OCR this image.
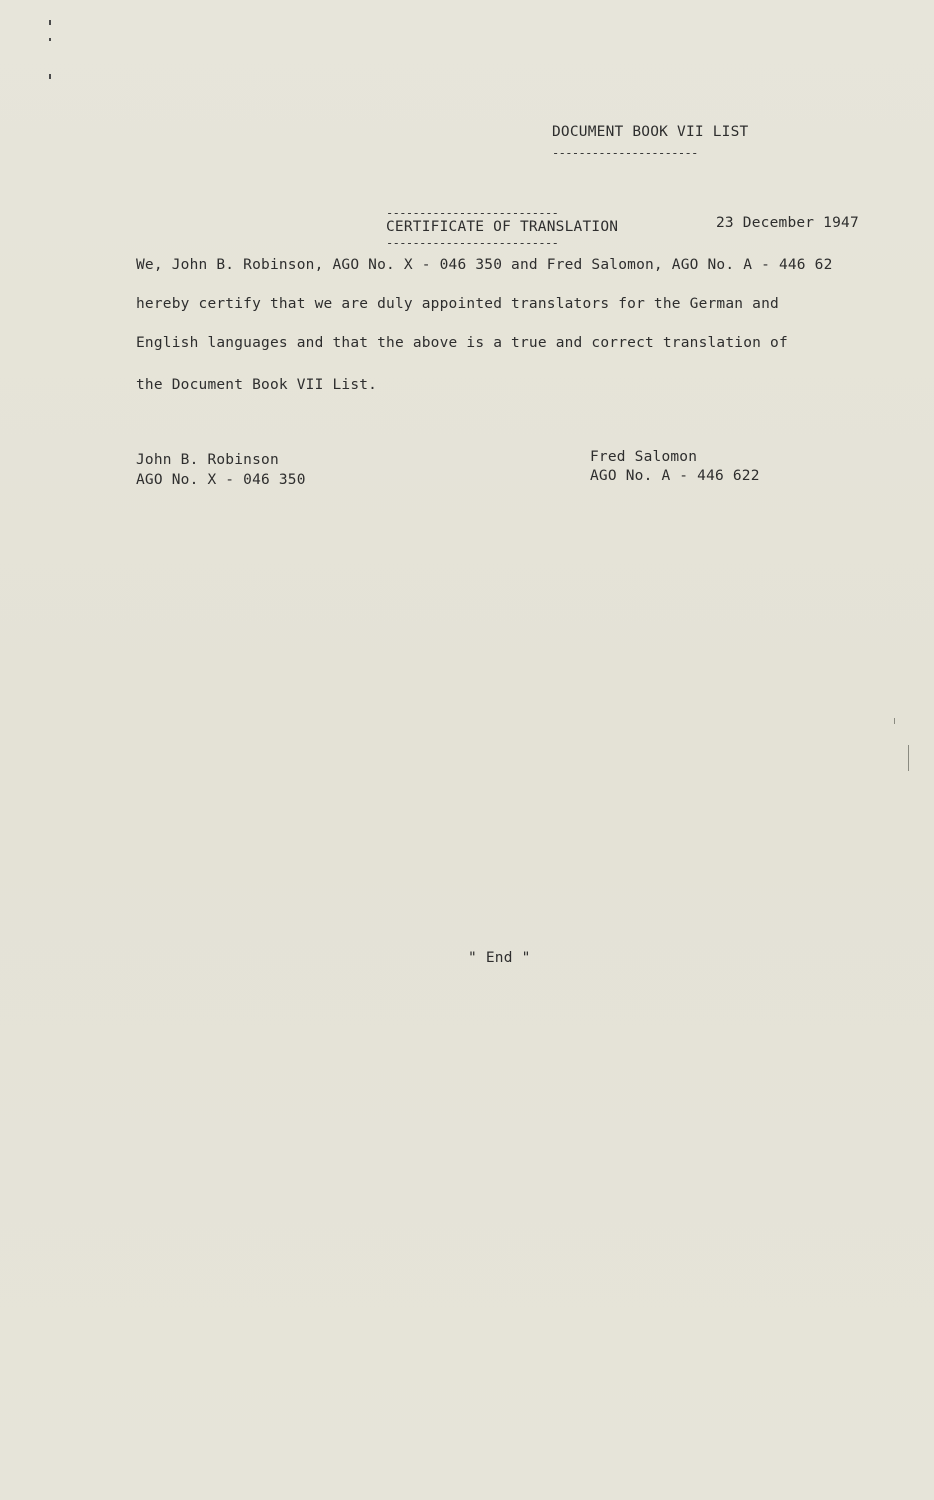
DOCUMENT BOOK VII LIST
----------------------
--------------------------
CERTIFICATE OF TRANSLATION
--------------------------
23 December 1947
We, John B. Robinson, AGO No. X - 046 350 and Fred Salomon, AGO No. A - 446 62
hereby certify that we are duly appointed translators for the German and
English languages and that the above is a true and correct translation of
the Document Book VII List.
John B. Robinson
AGO No. X - 046 350
Fred Salomon
AGO No. A - 446 622
" End "
